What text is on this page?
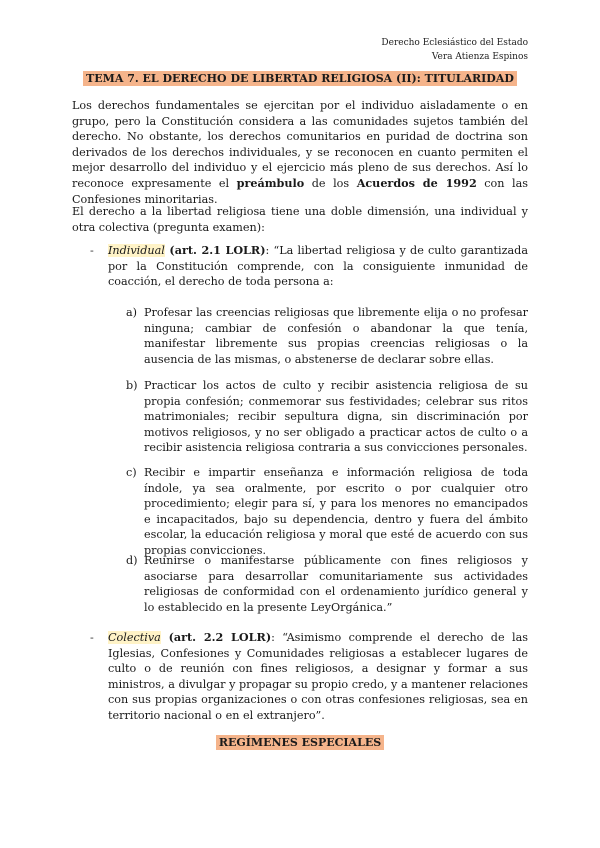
Derecho Eclesiástico del Estado
Vera Atienza Espinos
TEMA 7. EL DERECHO DE LIBERTAD RELIGIOSA (II): TITULARIDAD

Los derechos fundamentales se ejercitan por el individuo aisladamente o en grupo, pero la Constitución considera a las comunidades sujetos también del derecho. No obstante, los derechos comunitarios en puridad de doctrina son derivados de los derechos individuales, y se reconocen en cuanto permiten el mejor desarrollo del individuo y el ejercicio más pleno de sus derechos. Así lo reconoce expresamente el preámbulo de los Acuerdos de 1992 con las Confesiones minoritarias.

El derecho a la libertad religiosa tiene una doble dimensión, una individual y otra colectiva (pregunta examen):

- Individual (art. 2.1 LOLR): “La libertad religiosa y de culto garantizada por la Constitución comprende, con la consiguiente inmunidad de coacción, el derecho de toda persona a:

a) Profesar las creencias religiosas que libremente elija o no profesar ninguna; cambiar de confesión o abandonar la que tenía, manifestar libremente sus propias creencias religiosas o la ausencia de las mismas, o abstenerse de declarar sobre ellas.

b) Practicar los actos de culto y recibir asistencia religiosa de su propia confesión; conmemorar sus festividades; celebrar sus ritos matrimoniales; recibir sepultura digna, sin discriminación por motivos religiosos, y no ser obligado a practicar actos de culto o a recibir asistencia religiosa contraria a sus convicciones personales.

c) Recibir e impartir enseñanza e información religiosa de toda índole, ya sea oralmente, por escrito o por cualquier otro procedimiento; elegir para sí, y para los menores no emancipados e incapacitados, bajo su dependencia, dentro y fuera del ámbito escolar, la educación religiosa y moral que esté de acuerdo con sus propias convicciones.

d) Reunirse o manifestarse públicamente con fines religiosos y asociarse para desarrollar comunitariamente sus actividades religiosas de conformidad con el ordenamiento jurídico general y lo establecido en la presente LeyOrgánica.”

- Colectiva (art. 2.2 LOLR): “Asimismo comprende el derecho de las Iglesias, Confesiones y Comunidades religiosas a establecer lugares de culto o de reunión con fines religiosos, a designar y formar a sus ministros, a divulgar y propagar su propio credo, y a mantener relaciones con sus propias organizaciones o con otras confesiones religiosas, sea en territorio nacional o en el extranjero”.

REGÍMENES ESPECIALES
